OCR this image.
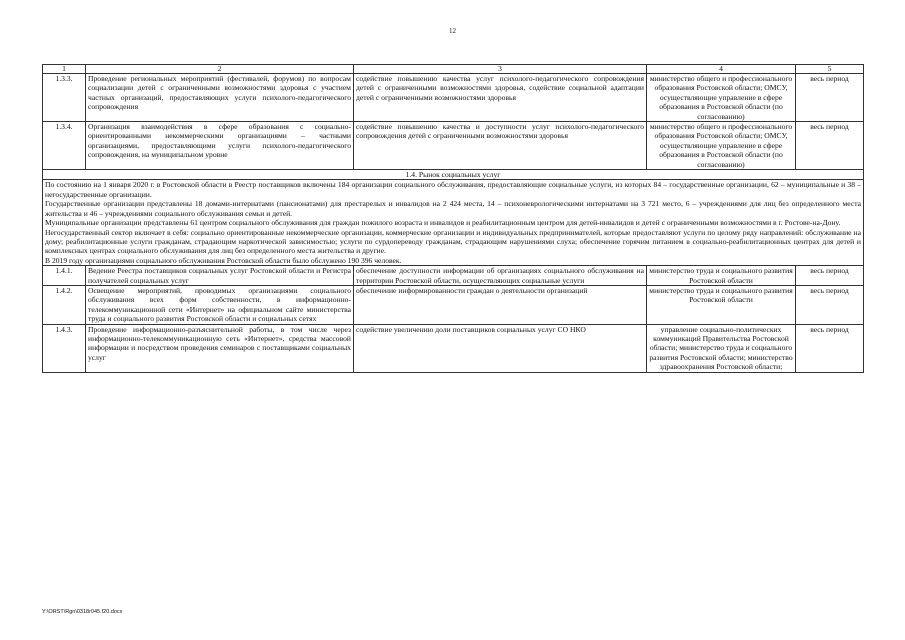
12
1	2	3	4	5
1.3.3.	Проведение региональных мероприятий (фестивалей, форумов) по вопросам социализации детей с ограниченными возможностями здоровья с участием частных организаций, предоставляющих услуги психолого-педагогического сопровождения	содействие повышению качества услуг психолого-педагогического сопровождения детей с ограниченными возможностями здоровья, содействие социальной адаптации детей с ограниченными возможностями здоровья	министерство общего и профессионального образования Ростовской области; ОМСУ, осуществляющие управление в сфере образования в Ростовской области (по согласованию)	весь период
1.3.4.	Организация взаимодействия в сфере образования с социально-ориентированными некоммерческими организациями – частными организациями, предоставляющими услуги психолого-педагогического сопровождения, на муниципальном уровне	содействие повышению качества и доступности услуг психолого-педагогического сопровождения детей с ограниченными возможностями здоровья	министерство общего и профессионального образования Ростовской области; ОМСУ, осуществляющие управление в сфере образования в Ростовской области (по согласованию)	весь период
1.4. Рынок социальных услуг				

По состоянию на 1 января 2020 г. в Ростовской области в Реестр поставщиков включены 184 организации социального обслуживания, предоставляющие социальные услуги, из которых 84 – государственные организации, 62 – муниципальные и 38 – негосударственные организации.

Государственные организации представлены 18 домами-интернатами (пансионатами) для престарелых и инвалидов на 2 424 места, 14 – психоневрологическими интернатами на 3 721 место, 6 – учреждениями для лиц без определенного места жительства и 46 – учреждениями социального обслуживания семьи и детей.

Муниципальные организации представлены 61 центром социального обслуживания для граждан пожилого возраста и инвалидов и реабилитационным центром для детей-инвалидов и детей с ограниченными возможностями в г. Ростове-на-Дону.

Негосударственный сектор включает в себя: социально ориентированные некоммерческие организации, коммерческие организации и индивидуальных предпринимателей, которые предоставляют услуги по целому ряду направлений: обслуживание на дому; реабилитационные услуги гражданам, страдающим наркотической зависимостью; услуги по сурдопереводу гражданам, страдающим нарушениями слуха; обеспечение горячим питанием в социально-реабилитационных центрах для детей и комплексных центрах социального обслуживания для лиц без определенного места жительства и другие.

В 2019 году организациями социального обслуживания Ростовской области было обслужено 190 396 человек.				

1.4.1.	Ведение Реестра поставщиков социальных услуг Ростовской области и Регистра получателей социальных услуг	обеспечение доступности информации об организациях социального обслуживания на территории Ростовской области, осуществляющих социальные услуги	министерство труда и социального развития Ростовской области	весь период
1.4.2.	Освещение мероприятий, проводимых организациями социального обслуживания всех форм собственности, в информационно-телекоммуникационной сети «Интернет» на официальном сайте министерства труда и социального развития Ростовской области и социальных сетях	обеспечение информированности граждан о деятельности организаций	министерство труда и социального развития Ростовской области	весь период
1.4.3.	Проведение информационно-разъяснительной работы, в том числе через информационно-телекоммуникационную сеть «Интернет», средства массовой информации и посредством проведения семинаров с поставщиками социальных услуг	содействие увеличению доли поставщиков социальных услуг СО НКО	управление социально-политических коммуникаций Правительства Ростовской области; министерство труда и социального развития Ростовской области; министерство здравоохранения Ростовской области;	весь период
Y:\ORST\Rgn\0318r045.f20.docx
